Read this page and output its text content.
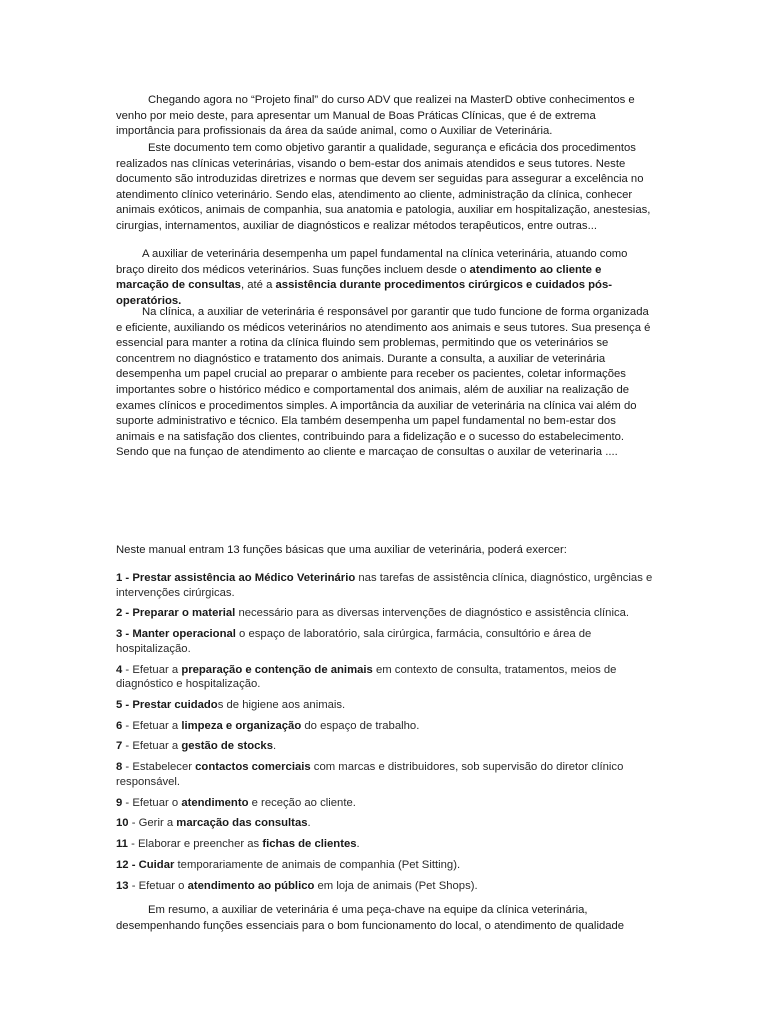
Chegando agora no “Projeto final” do curso ADV que realizei na MasterD obtive conhecimentos e venho por meio deste, para apresentar um Manual de Boas Práticas Clínicas, que é de extrema importância para profissionais da área da saúde animal, como o Auxiliar de Veterinária.

Este documento tem como objetivo garantir a qualidade, segurança e eficácia dos procedimentos realizados nas clínicas veterinárias, visando o bem-estar dos animais atendidos e seus tutores. Neste documento são introduzidas diretrizes e normas que devem ser seguidas para assegurar a excelência no atendimento clínico veterinário. Sendo elas, atendimento ao cliente, administração da clínica, conhecer animais exóticos, animais de companhia, sua anatomia e patologia, auxiliar em hospitalização, anestesias, cirurgias, internamentos, auxiliar de diagnósticos e realizar métodos terapêuticos, entre outras...

A auxiliar de veterinária desempenha um papel fundamental na clínica veterinária, atuando como braço direito dos médicos veterinários. Suas funções incluem desde o atendimento ao cliente e marcação de consultas, até a assistência durante procedimentos cirúrgicos e cuidados pós-operatórios.

Na clínica, a auxiliar de veterinária é responsável por garantir que tudo funcione de forma organizada e eficiente, auxiliando os médicos veterinários no atendimento aos animais e seus tutores. Sua presença é essencial para manter a rotina da clínica fluindo sem problemas, permitindo que os veterinários se concentrem no diagnóstico e tratamento dos animais. Durante a consulta, a auxiliar de veterinária desempenha um papel crucial ao preparar o ambiente para receber os pacientes, coletar informações importantes sobre o histórico médico e comportamental dos animais, além de auxiliar na realização de exames clínicos e procedimentos simples. A importância da auxiliar de veterinária na clínica vai além do suporte administrativo e técnico. Ela também desempenha um papel fundamental no bem-estar dos animais e na satisfação dos clientes, contribuindo para a fidelização e o sucesso do estabelecimento. Sendo que na funçao de atendimento ao cliente e marcaçao de consultas o auxilar de veterinaria ....

Neste manual entram 13 funções básicas que uma auxiliar de veterinária, poderá exercer:
1 - Prestar assistência ao Médico Veterinário nas tarefas de assistência clínica, diagnóstico, urgências e intervenções cirúrgicas.
2 - Preparar o material necessário para as diversas intervenções de diagnóstico e assistência clínica.
3 - Manter operacional o espaço de laboratório, sala cirúrgica, farmácia, consultório e área de hospitalização.
4 - Efetuar a preparação e contenção de animais em contexto de consulta, tratamentos, meios de diagnóstico e hospitalização.
5 - Prestar cuidados de higiene aos animais.
6 - Efetuar a limpeza e organização do espaço de trabalho.
7 - Efetuar a gestão de stocks.
8 - Estabelecer contactos comerciais com marcas e distribuidores, sob supervisão do diretor clínico responsável.
9 - Efetuar o atendimento e receção ao cliente.
10 - Gerir a marcação das consultas.
11 - Elaborar e preencher as fichas de clientes.
12 - Cuidar temporariamente de animais de companhia (Pet Sitting).
13 - Efetuar o atendimento ao público em loja de animais (Pet Shops).
Em resumo, a auxiliar de veterinária é uma peça-chave na equipe da clínica veterinária, desempenhando funções essenciais para o bom funcionamento do local, o atendimento de qualidade
